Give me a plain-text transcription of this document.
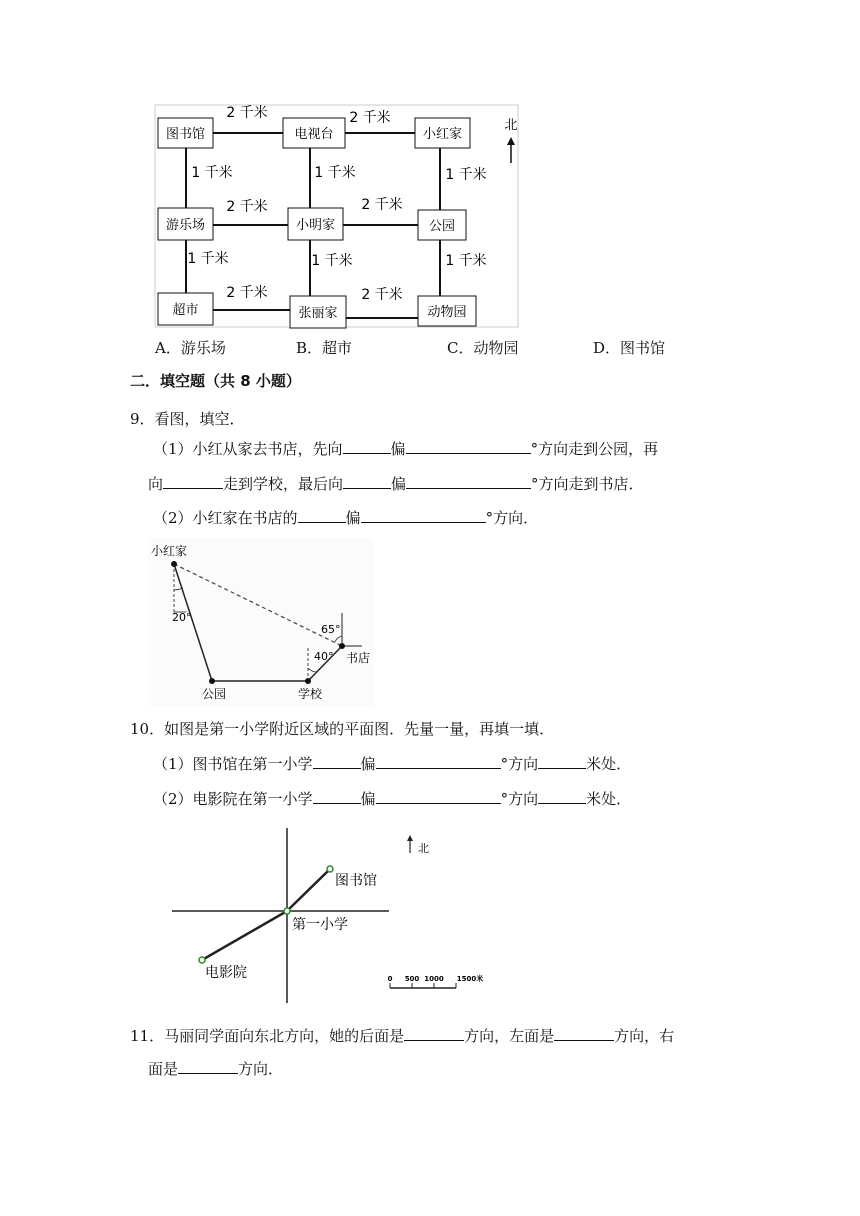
图书馆	电视台	小红家
游乐场	小明家	公园
超市	张丽家	动物园
2 千米	2 千米
2 千米	2 千米
2 千米	2 千米
1 千米
1 千米
1 千米
1 千米
1 千米
1 千米
北
A．游乐场	B．超市	C．动物园	D．图书馆
二．填空题（共 8 小题）
9．看图，填空．
（1）小红从家去书店，先向	偏	°方向走到公园，再
向	走到学校，最后向	偏	°方向走到书店．
（2）小红家在书店的	偏	°方向．
小红家
20°
65°
40° 书店
公园	学校
10．如图是第一小学附近区域的平面图．先量一量，再填一填．
（1）图书馆在第一小学	偏	°方向	米处．
（2）电影院在第一小学	偏	°方向	米处．
图书馆
第一小学
电影院
北
0 500 1000 1500米
11．马丽同学面向东北方向，她的后面是	方向，左面是	方向，右
面是	方向．
